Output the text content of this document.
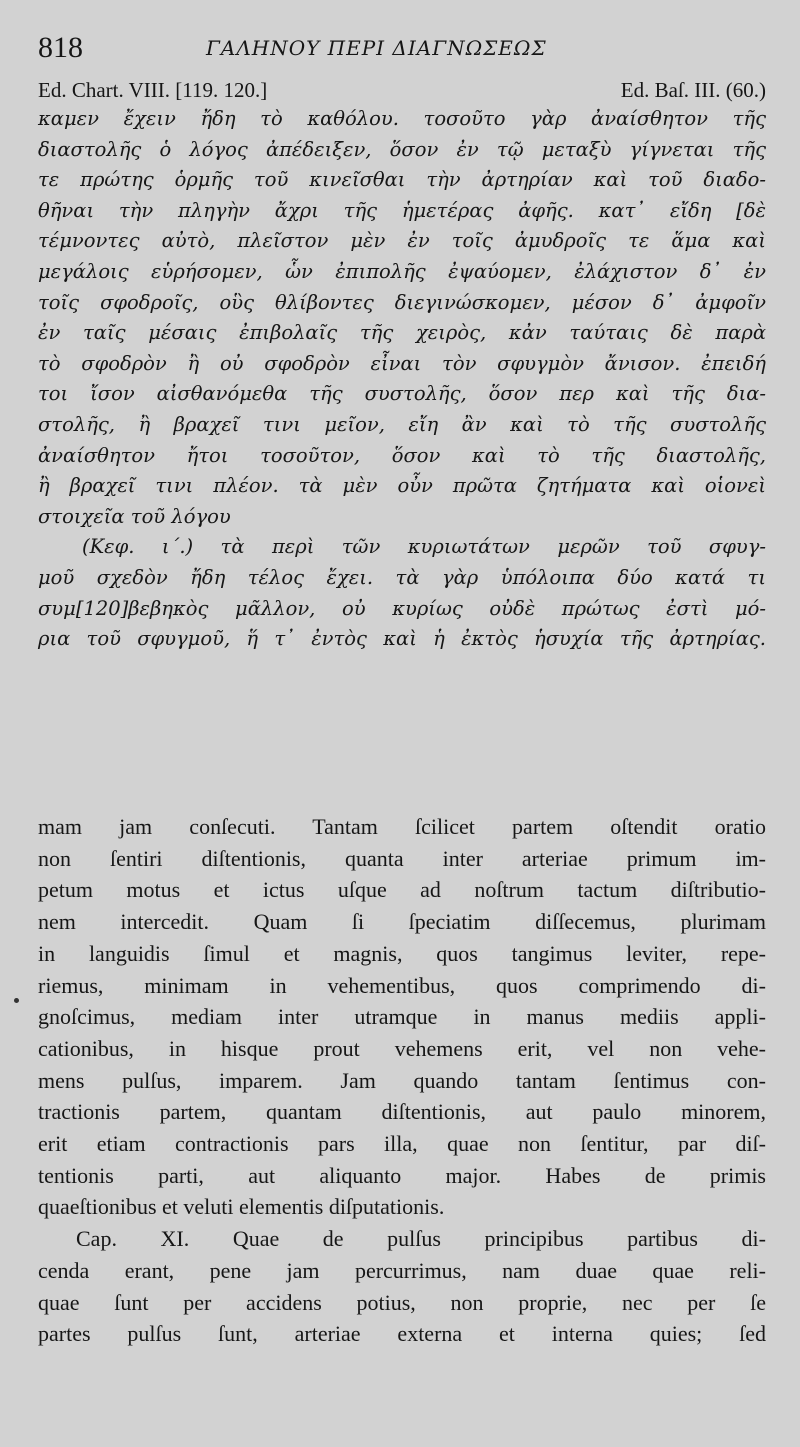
818	ΓΑΛΗΝΟΥ ΠΕΡΙ ΔΙΑΓΝΩΣΕΩΣ
Ed. Chart. VIII. [119. 120.]	Ed. Baſ. III. (60.)
καμεν ἔχειν ἤδη τὸ καθόλου. τοσοῦτο γὰρ ἀναίσθητον τῆς
διαστολῆς ὁ λόγος ἀπέδειξεν, ὅσον ἐν τῷ μεταξὺ γίγνεται τῆς
τε πρώτης ὁρμῆς τοῦ κινεῖσθαι τὴν ἀρτηρίαν καὶ τοῦ διαδο-
θῆναι τὴν πληγὴν ἄχρι τῆς ἡμετέρας ἀφῆς. κατ᾽ εἴδη [δὲ
τέμνοντες αὐτὸ, πλεῖστον μὲν ἐν τοῖς ἀμυδροῖς τε ἅμα καὶ
μεγάλοις εὑρήσομεν, ὧν ἐπιπολῆς ἐψαύομεν, ἐλάχιστον δ᾽ ἐν
τοῖς σφοδροῖς, οὓς θλίβοντες διεγινώσκομεν, μέσον δ᾽ ἀμφοῖν
ἐν ταῖς μέσαις ἐπιβολαῖς τῆς χειρὸς, κἀν ταύταις δὲ παρὰ
τὸ σφοδρὸν ἢ οὐ σφοδρὸν εἶναι τὸν σφυγμὸν ἄνισον. ἐπειδή
τοι ἴσον αἰσθανόμεθα τῆς συστολῆς, ὅσον περ καὶ τῆς δια-
στολῆς, ἢ βραχεῖ τινι μεῖον, εἴη ἂν καὶ τὸ τῆς συστολῆς
ἀναίσθητον ἤτοι τοσοῦτον, ὅσον καὶ τὸ τῆς διαστολῆς,
ἢ βραχεῖ τινι πλέον. τὰ μὲν οὖν πρῶτα ζητήματα καὶ οἱονεὶ
στοιχεῖα τοῦ λόγου
(Κεφ. ι΄.) τὰ περὶ τῶν κυριωτάτων μερῶν τοῦ σφυγ-
μοῦ σχεδὸν ἤδη τέλος ἔχει. τὰ γὰρ ὑπόλοιπα δύο κατά τι
συμ[120]βεβηκὸς μᾶλλον, οὐ κυρίως οὐδὲ πρώτως ἐστὶ μό-
ρια τοῦ σφυγμοῦ, ἥ τ᾽ ἐντὸς καὶ ἡ ἐκτὸς ἡσυχία τῆς ἀρτηρίας.
mam jam conſecuti. Tantam ſcilicet partem oſtendit oratio
non ſentiri diſtentionis, quanta inter arteriae primum im-
petum motus et ictus uſque ad noſtrum tactum diſtributio-
nem intercedit. Quam ſi ſpeciatim diſſecemus, plurimam
in languidis ſimul et magnis, quos tangimus leviter, repe-
riemus, minimam in vehementibus, quos comprimendo di-
gnoſcimus, mediam inter utramque in manus mediis appli-
cationibus, in hisque prout vehemens erit, vel non vehe-
mens pulſus, imparem. Jam quando tantam ſentimus con-
tractionis partem, quantam diſtentionis, aut paulo minorem,
erit etiam contractionis pars illa, quae non ſentitur, par diſ-
tentionis parti, aut aliquanto major. Habes de primis
quaeſtionibus et veluti elementis diſputationis.
Cap. XI. Quae de pulſus principibus partibus di-
cenda erant, pene jam percurrimus, nam duae quae reli-
quae ſunt per accidens potius, non proprie, nec per ſe
partes pulſus ſunt, arteriae externa et interna quies; ſed
